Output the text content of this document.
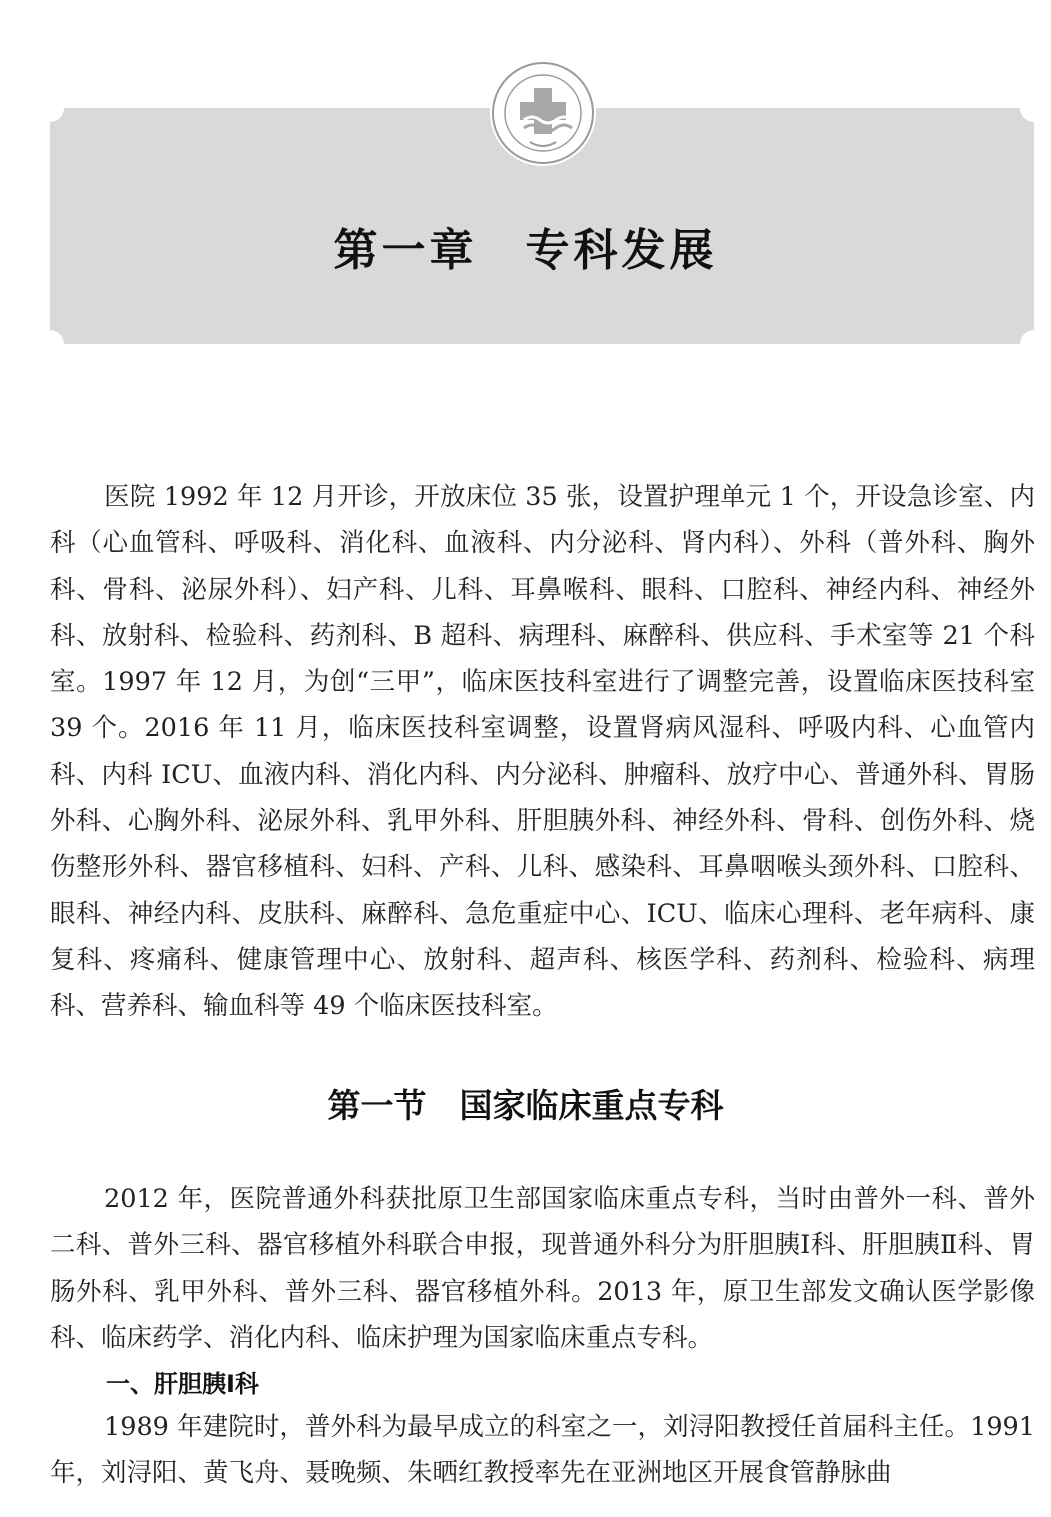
第一章　专科发展
医院 1992 年 12 月开诊，开放床位 35 张，设置护理单元 1 个，开设急诊室、内科（心血管科、呼吸科、消化科、血液科、内分泌科、肾内科）、外科（普外科、胸外科、骨科、泌尿外科）、妇产科、儿科、耳鼻喉科、眼科、口腔科、神经内科、神经外科、放射科、检验科、药剂科、B 超科、病理科、麻醉科、供应科、手术室等 21 个科室。1997 年 12 月，为创“三甲”，临床医技科室进行了调整完善，设置临床医技科室 39 个。2016 年 11 月，临床医技科室调整，设置肾病风湿科、呼吸内科、心血管内科、内科 ICU、血液内科、消化内科、内分泌科、肿瘤科、放疗中心、普通外科、胃肠外科、心胸外科、泌尿外科、乳甲外科、肝胆胰外科、神经外科、骨科、创伤外科、烧伤整形外科、器官移植科、妇科、产科、儿科、感染科、耳鼻咽喉头颈外科、口腔科、眼科、神经内科、皮肤科、麻醉科、急危重症中心、ICU、临床心理科、老年病科、康复科、疼痛科、健康管理中心、放射科、超声科、核医学科、药剂科、检验科、病理科、营养科、输血科等 49 个临床医技科室。
第一节　国家临床重点专科
2012 年，医院普通外科获批原卫生部国家临床重点专科，当时由普外一科、普外二科、普外三科、器官移植外科联合申报，现普通外科分为肝胆胰Ⅰ科、肝胆胰Ⅱ科、胃肠外科、乳甲外科、普外三科、器官移植外科。2013 年，原卫生部发文确认医学影像科、临床药学、消化内科、临床护理为国家临床重点专科。
一、肝胆胰Ⅰ科
1989 年建院时，普外科为最早成立的科室之一，刘浔阳教授任首届科主任。1991 年，刘浔阳、黄飞舟、聂晚频、朱晒红教授率先在亚洲地区开展食管静脉曲
